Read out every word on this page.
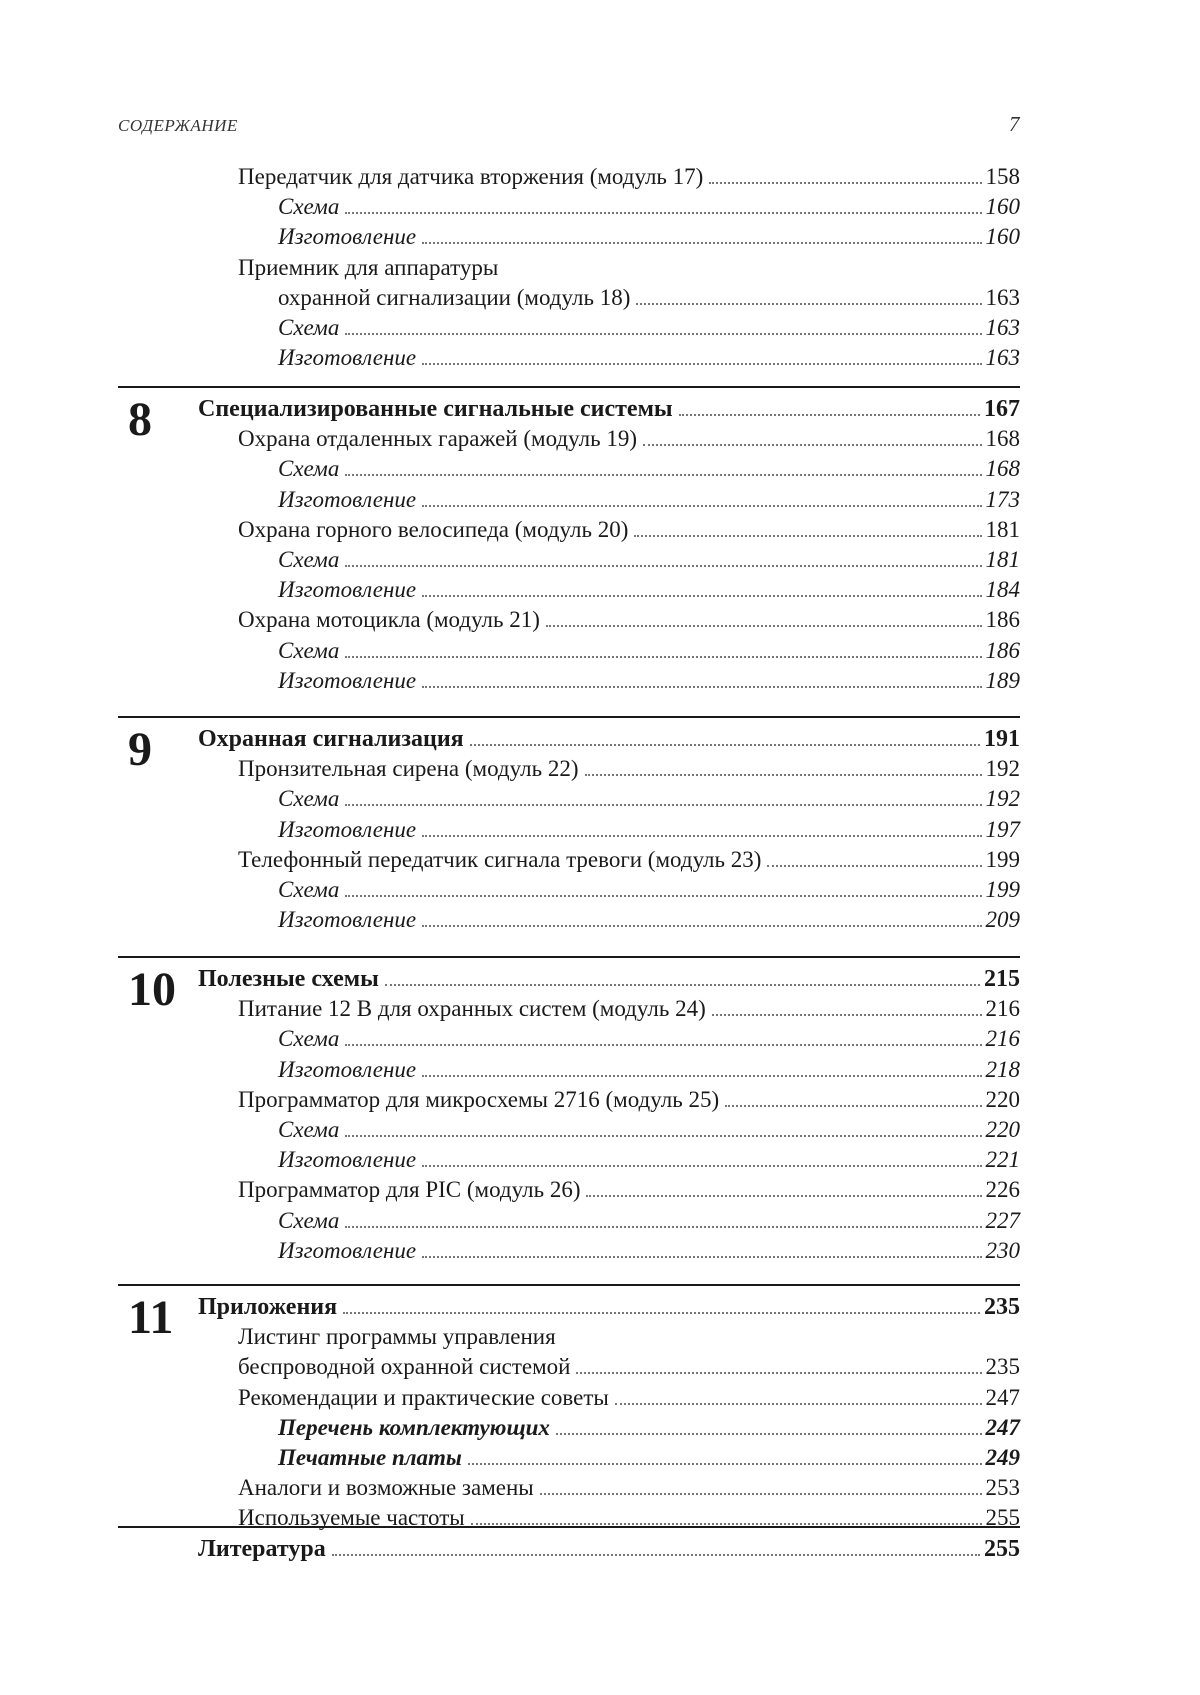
СОДЕРЖАНИЕ	7
Передатчик для датчика вторжения (модуль 17)	158
Схема	160
Изготовление	160
Приемник для аппаратуры
охранной сигнализации (модуль 18)	163
Схема	163
Изготовление	163
8 Специализированные сигнальные системы	167
Охрана отдаленных гаражей (модуль 19)	168
Схема	168
Изготовление	173
Охрана горного велосипеда (модуль 20)	181
Схема	181
Изготовление	184
Охрана мотоцикла (модуль 21)	186
Схема	186
Изготовление	189
9 Охранная сигнализация	191
Пронзительная сирена (модуль 22)	192
Схема	192
Изготовление	197
Телефонный передатчик сигнала тревоги (модуль 23)	199
Схема	199
Изготовление	209
10 Полезные схемы	215
Питание 12 В для охранных систем (модуль 24)	216
Схема	216
Изготовление	218
Программатор для микросхемы 2716 (модуль 25)	220
Схема	220
Изготовление	221
Программатор для PIC (модуль 26)	226
Схема	227
Изготовление	230
11 Приложения	235
Листинг программы управления
беспроводной охранной системой	235
Рекомендации и практические советы	247
Перечень комплектующих	247
Печатные платы	249
Аналоги и возможные замены	253
Используемые частоты	255
Литература	255
